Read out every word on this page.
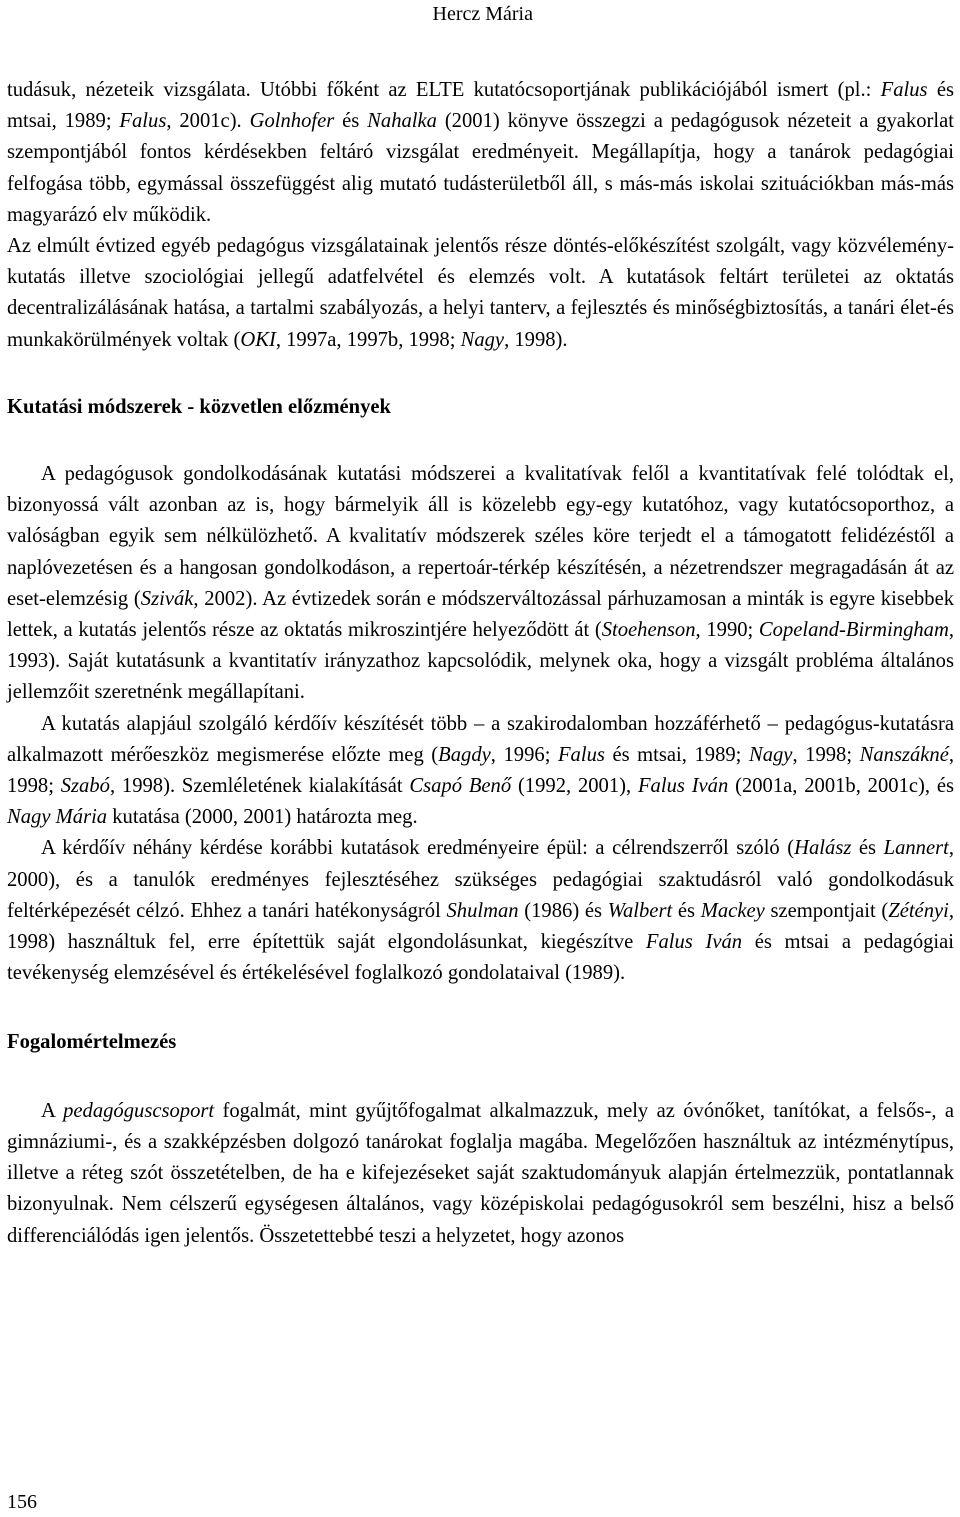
Hercz Mária

tudásuk, nézeteik vizsgálata. Utóbbi főként az ELTE kutatócsoportjának publikációjából ismert (pl.: Falus és mtsai, 1989; Falus, 2001c). Golnhofer és Nahalka (2001) könyve összegzi a pedagógusok nézeteit a gyakorlat szempontjából fontos kérdésekben feltáró vizsgálat eredményeit. Megállapítja, hogy a tanárok pedagógiai felfogása több, egymással összefüggést alig mutató tudásterületből áll, s más-más iskolai szituációkban más-más magyarázó elv működik.

Az elmúlt évtized egyéb pedagógus vizsgálatainak jelentős része döntés-előkészítést szolgált, vagy közvélemény-kutatás illetve szociológiai jellegű adatfelvétel és elemzés volt. A kutatások feltárt területei az oktatás decentralizálásának hatása, a tartalmi szabályozás, a helyi tanterv, a fejlesztés és minőségbiztosítás, a tanári élet-és munkakörülmények voltak (OKI, 1997a, 1997b, 1998; Nagy, 1998).

Kutatási módszerek - közvetlen előzmények

A pedagógusok gondolkodásának kutatási módszerei a kvalitatívak felől a kvantitatívak felé tolódtak el, bizonyossá vált azonban az is, hogy bármelyik áll is közelebb egy-egy kutatóhoz, vagy kutatócsoporthoz, a valóságban egyik sem nélkülözhető. A kvalitatív módszerek széles köre terjedt el a támogatott felidézéstől a naplóvezetésen és a hangosan gondolkodáson, a repertoár-térkép készítésén, a nézetrendszer megragadásán át az eset-elemzésig (Szivák, 2002). Az évtizedek során e módszerváltozással párhuzamosan a minták is egyre kisebbek lettek, a kutatás jelentős része az oktatás mikroszintjére helyeződött át (Stoehenson, 1990; Copeland-Birmingham, 1993). Saját kutatásunk a kvantitatív irányzathoz kapcsolódik, melynek oka, hogy a vizsgált probléma általános jellemzőit szeretnénk megállapítani.

A kutatás alapjául szolgáló kérdőív készítését több – a szakirodalomban hozzáférhető – pedagógus-kutatásra alkalmazott mérőeszköz megismerése előzte meg (Bagdy, 1996; Falus és mtsai, 1989; Nagy, 1998; Nanszákné, 1998; Szabó, 1998). Szemléletének kialakítását Csapó Benő (1992, 2001), Falus Iván (2001a, 2001b, 2001c), és Nagy Mária kutatása (2000, 2001) határozta meg.

A kérdőív néhány kérdése korábbi kutatások eredményeire épül: a célrendszerről szóló (Halász és Lannert, 2000), és a tanulók eredményes fejlesztéséhez szükséges pedagógiai szaktudásról való gondolkodásuk feltérképezését célzó. Ehhez a tanári hatékonyságról Shulman (1986) és Walbert és Mackey szempontjait (Zétényi, 1998) használtuk fel, erre építettük saját elgondolásunkat, kiegészítve Falus Iván és mtsai a pedagógiai tevékenység elemzésével és értékelésével foglalkozó gondolataival (1989).

Fogalomértelmezés

A pedagóguscsoport fogalmát, mint gyűjtőfogalmat alkalmazzuk, mely az óvónőket, tanítókat, a felsős-, a gimnáziumi-, és a szakképzésben dolgozó tanárokat foglalja magába. Megelőzően használtuk az intézménytípus, illetve a réteg szót összetételben, de ha e kifejezéseket saját szaktudományuk alapján értelmezzük, pontatlannak bizonyulnak. Nem célszerű egységesen általános, vagy középiskolai pedagógusokról sem beszélni, hisz a belső differenciálódás igen jelentős. Összetettebbé teszi a helyzetet, hogy azonos

156
